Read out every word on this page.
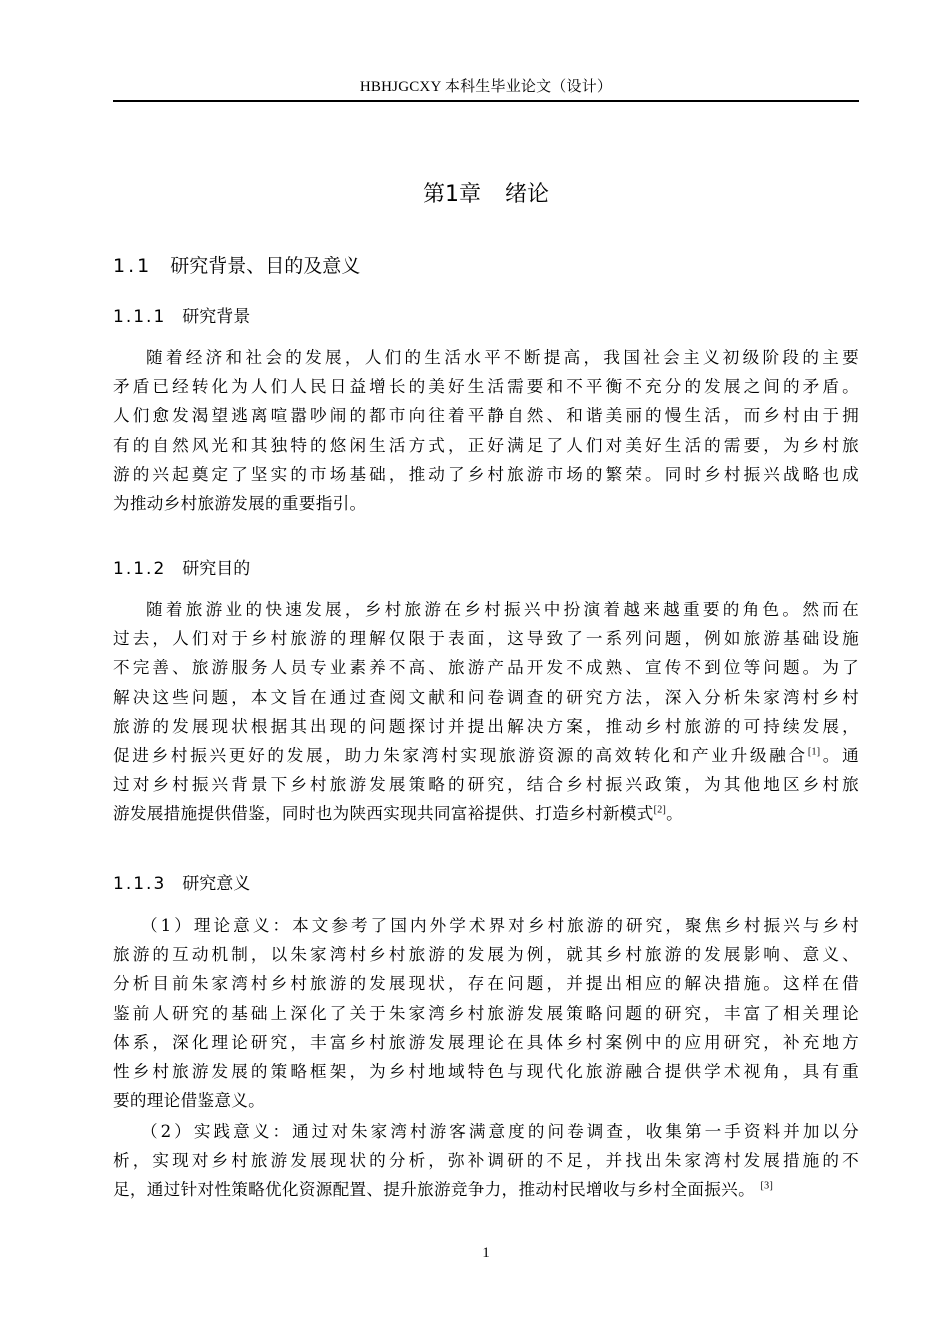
HBHJGCXY 本科生毕业论文（设计）
第1章 绪论
1.1 研究背景、目的及意义
1.1.1 研究背景
随着经济和社会的发展，人们的生活水平不断提高，我国社会主义初级阶段的主要
矛盾已经转化为人们人民日益增长的美好生活需要和不平衡不充分的发展之间的矛盾。
人们愈发渴望逃离喧嚣吵闹的都市向往着平静自然、和谐美丽的慢生活，而乡村由于拥
有的自然风光和其独特的悠闲生活方式，正好满足了人们对美好生活的需要，为乡村旅
游的兴起奠定了坚实的市场基础，推动了乡村旅游市场的繁荣。同时乡村振兴战略也成
为推动乡村旅游发展的重要指引。
1.1.2 研究目的
随着旅游业的快速发展，乡村旅游在乡村振兴中扮演着越来越重要的角色。然而在
过去，人们对于乡村旅游的理解仅限于表面，这导致了一系列问题，例如旅游基础设施
不完善、旅游服务人员专业素养不高、旅游产品开发不成熟、宣传不到位等问题。为了
解决这些问题，本文旨在通过查阅文献和问卷调查的研究方法，深入分析朱家湾村乡村
旅游的发展现状根据其出现的问题探讨并提出解决方案，推动乡村旅游的可持续发展，
促进乡村振兴更好的发展，助力朱家湾村实现旅游资源的高效转化和产业升级融合[1]。通
过对乡村振兴背景下乡村旅游发展策略的研究，结合乡村振兴政策，为其他地区乡村旅
游发展措施提供借鉴，同时也为陕西实现共同富裕提供、打造乡村新模式[2]。
1.1.3 研究意义
（1）理论意义：本文参考了国内外学术界对乡村旅游的研究，聚焦乡村振兴与乡村
旅游的互动机制，以朱家湾村乡村旅游的发展为例，就其乡村旅游的发展影响、意义、
分析目前朱家湾村乡村旅游的发展现状，存在问题，并提出相应的解决措施。这样在借
鉴前人研究的基础上深化了关于朱家湾乡村旅游发展策略问题的研究，丰富了相关理论
体系，深化理论研究，丰富乡村旅游发展理论在具体乡村案例中的应用研究，补充地方
性乡村旅游发展的策略框架，为乡村地域特色与现代化旅游融合提供学术视角，具有重
要的理论借鉴意义。
（2）实践意义：通过对朱家湾村游客满意度的问卷调查，收集第一手资料并加以分
析，实现对乡村旅游发展现状的分析，弥补调研的不足，并找出朱家湾村发展措施的不
足，通过针对性策略优化资源配置、提升旅游竞争力，推动村民增收与乡村全面振兴。 [3]
1
